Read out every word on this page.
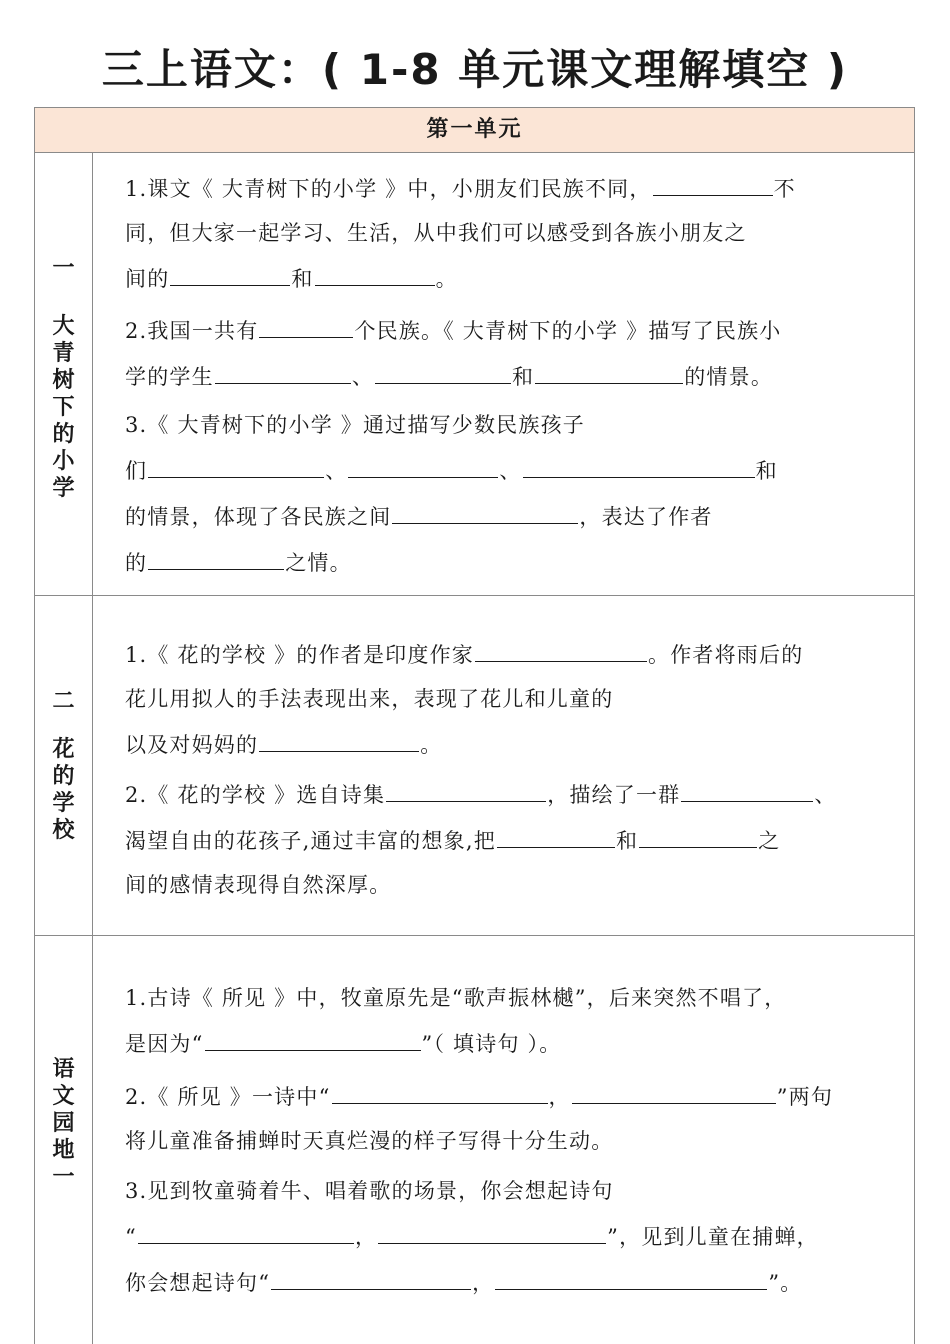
三上语文：( 1-8 单元课文理解填空 )
第一单元
一
大
青
树
下
的
小
学

1.课文《 大青树下的小学 》中，小朋友们民族不同，	不
同，但大家一起学习、生活，从中我们可以感受到各族小朋友之
间的	和	。

2.我国一共有	个民族。《 大青树下的小学 》描写了民族小
学的学生	、	和	的情景。

3.《 大青树下的小学 》通过描写少数民族孩子
们	、	、	和
的情景，体现了各民族之间	，表达了作者
的	之情。

二
花
的
学
校

1.《 花的学校 》的作者是印度作家	。作者将雨后的
花儿用拟人的手法表现出来，表现了花儿和儿童的
以及对妈妈的	。

2.《 花的学校 》选自诗集	，描绘了一群	、
渴望自由的花孩子,通过丰富的想象,把	和	之
间的感情表现得自然深厚。

语
文
园
地
一

1.古诗《 所见 》中，牧童原先是“歌声振林樾”，后来突然不唱了，
是因为“	”（ 填诗句 ）。

2.《 所见 》一诗中“	，	”两句
将儿童准备捕蝉时天真烂漫的样子写得十分生动。

3.见到牧童骑着牛、唱着歌的场景，你会想起诗句
“	，	”，见到儿童在捕蝉，
你会想起诗句“	，	”。
